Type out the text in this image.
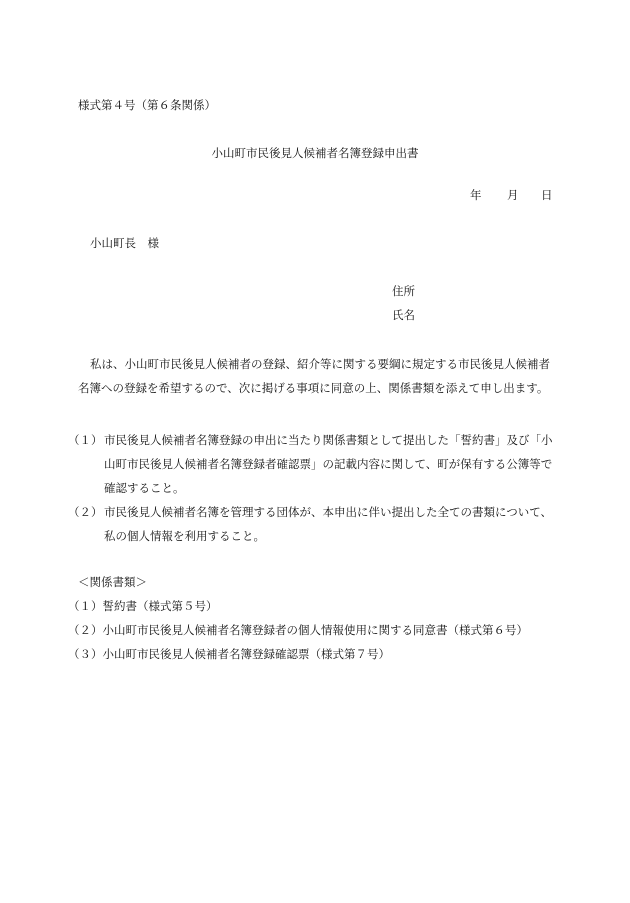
様式第４号（第６条関係）
小山町市民後見人候補者名簿登録申出書
年 月 日
小山町長　様
住所
氏名
私は、小山町市民後見人候補者の登録、紹介等に関する要綱に規定する市民後見人候補者名簿への登録を希望するので、次に掲げる事項に同意の上、関係書類を添えて申し出ます。
（１） 市民後見人候補者名簿登録の申出に当たり関係書類として提出した「誓約書」及び「小山町市民後見人候補者名簿登録者確認票」の記載内容に関して、町が保有する公簿等で確認すること。
（２） 市民後見人候補者名簿を管理する団体が、本申出に伴い提出した全ての書類について、私の個人情報を利用すること。
＜関係書類＞
（１）誓約書（様式第５号）
（２）小山町市民後見人候補者名簿登録者の個人情報使用に関する同意書（様式第６号）
（３）小山町市民後見人候補者名簿登録確認票（様式第７号）
